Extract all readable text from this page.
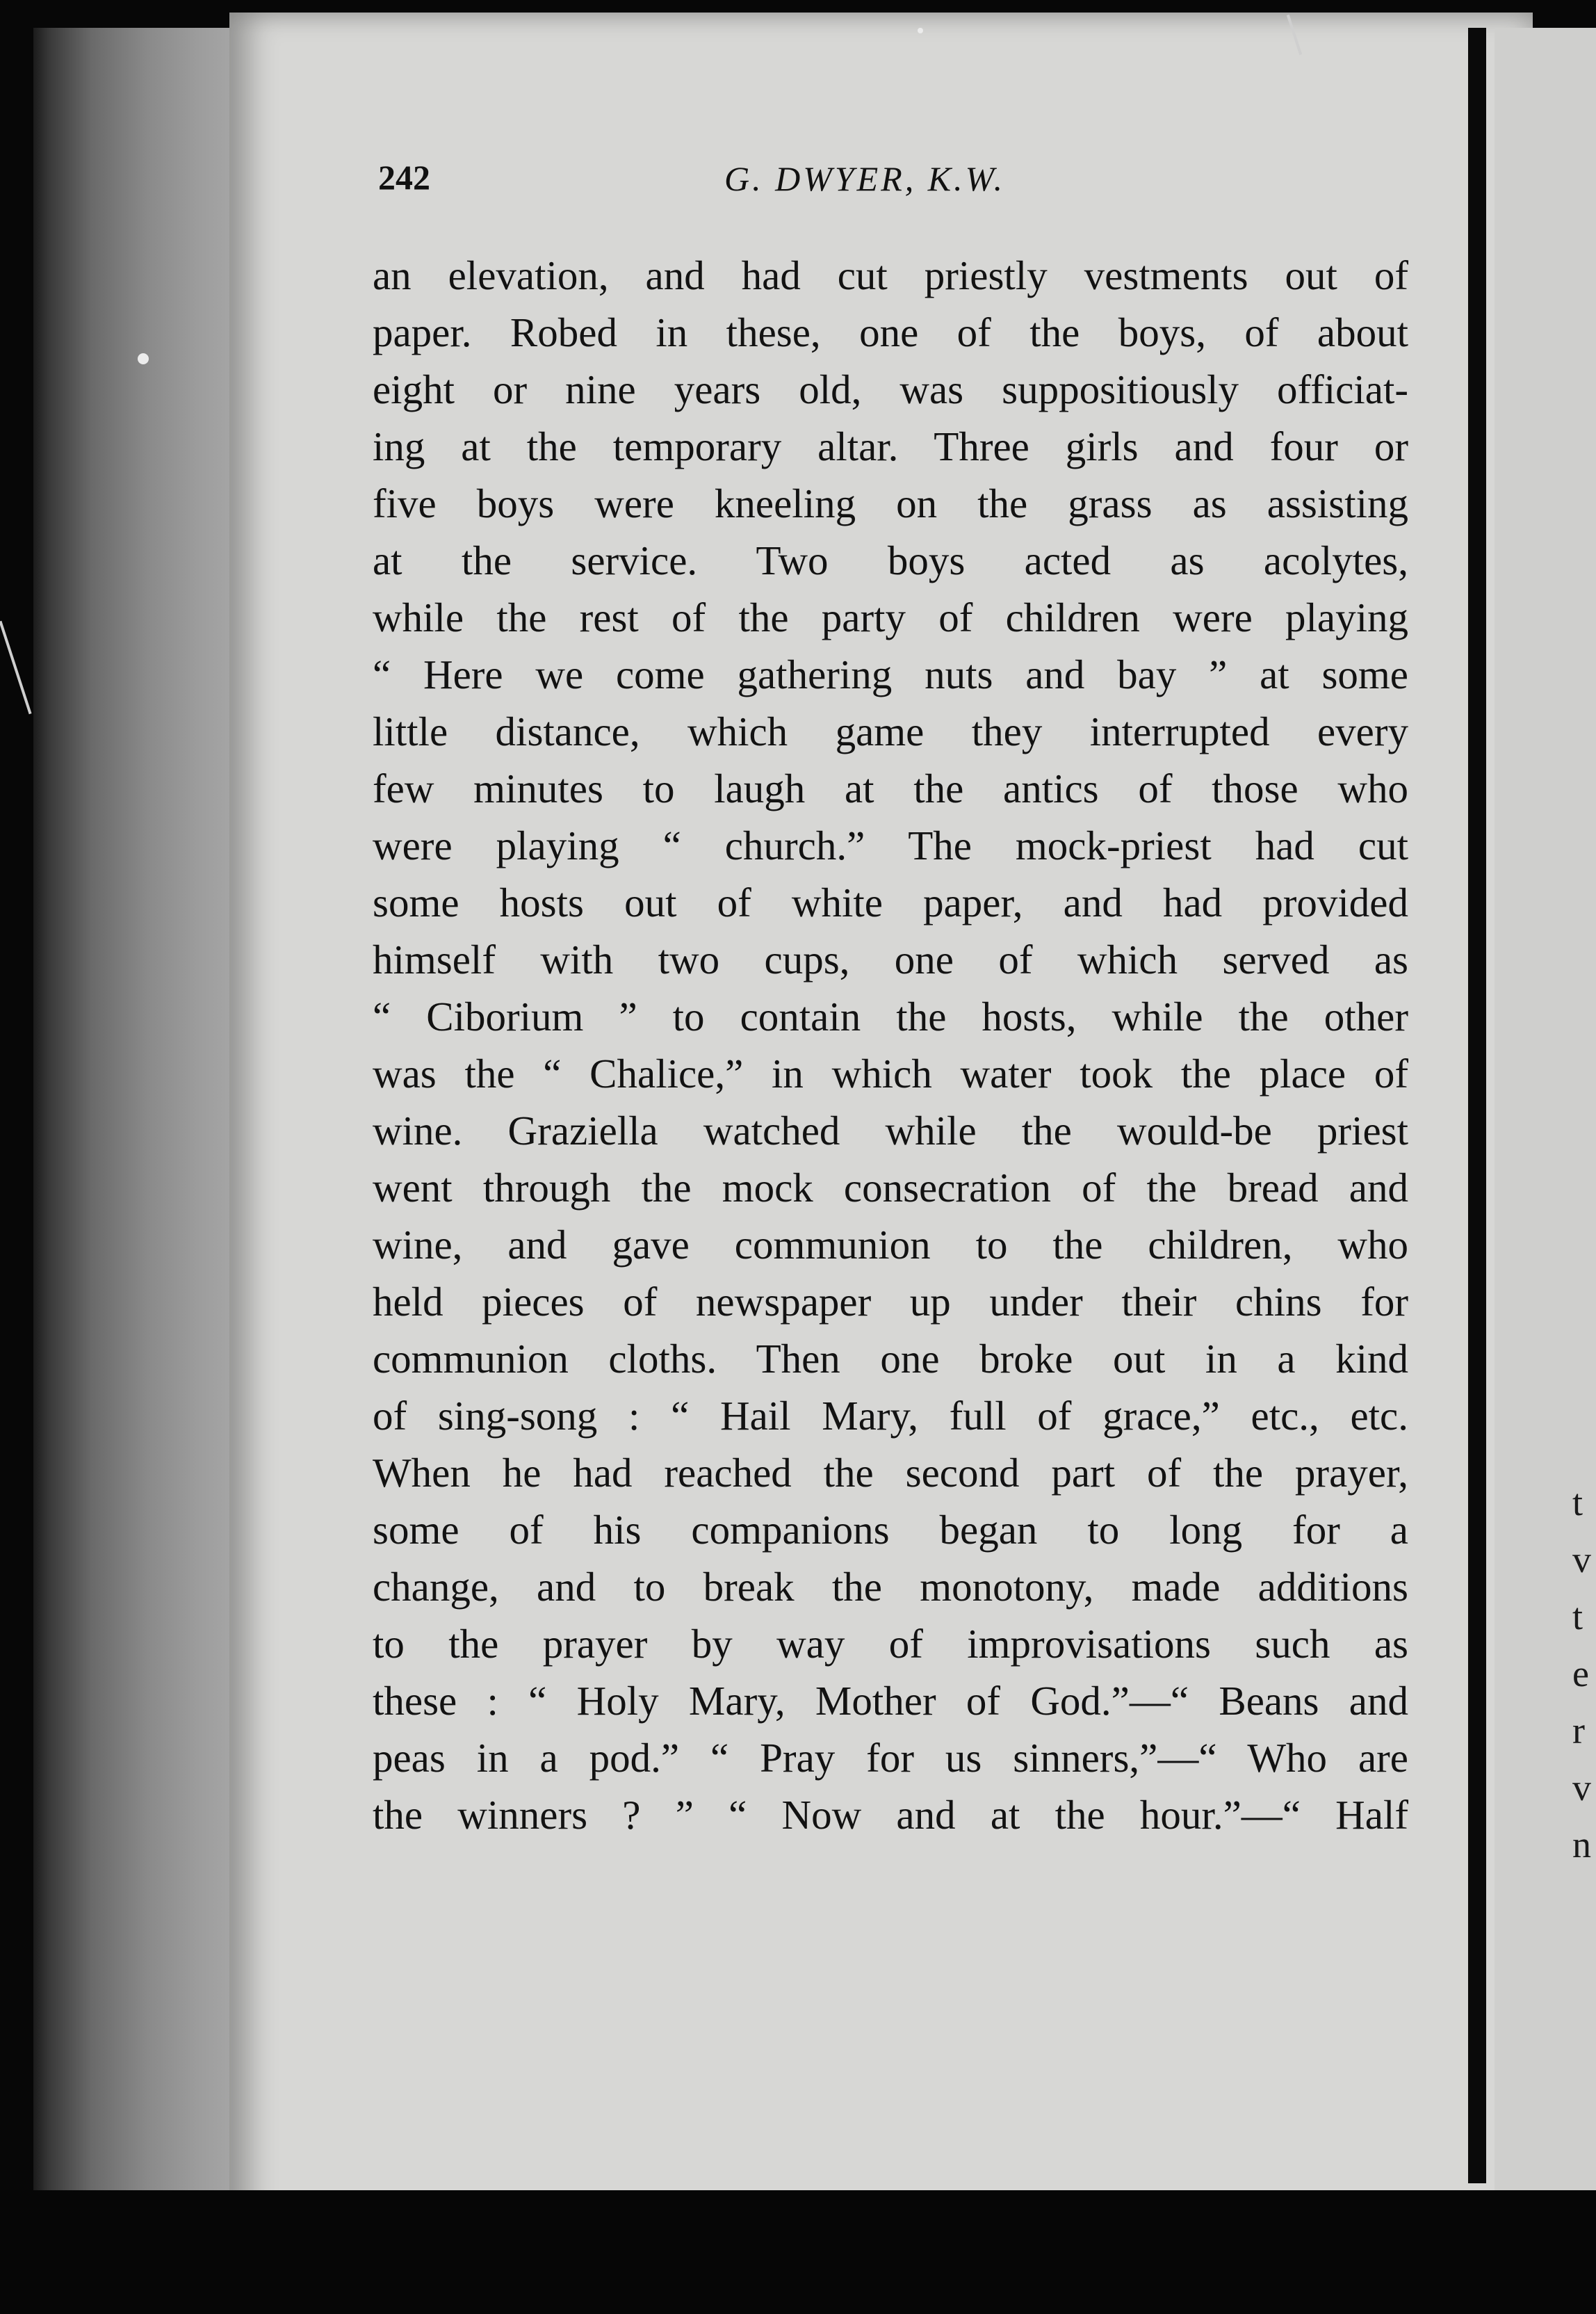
242	G. DWYER, K.W.
an elevation, and had cut priestly vestments out of
paper. Robed in these, one of the boys, of about
eight or nine years old, was suppositiously officiat-
ing at the temporary altar. Three girls and four or
five boys were kneeling on the grass as assisting
at the service. Two boys acted as acolytes,
while the rest of the party of children were playing
“ Here we come gathering nuts and bay ” at some
little distance, which game they interrupted every
few minutes to laugh at the antics of those who
were playing “ church.” The mock-priest had cut
some hosts out of white paper, and had provided
himself with two cups, one of which served as
“ Ciborium ” to contain the hosts, while the other
was the “ Chalice,” in which water took the place of
wine. Graziella watched while the would-be priest
went through the mock consecration of the bread and
wine, and gave communion to the children, who
held pieces of newspaper up under their chins for
communion cloths. Then one broke out in a kind
of sing-song : “ Hail Mary, full of grace,” etc., etc.
When he had reached the second part of the prayer,
some of his companions began to long for a
change, and to break the monotony, made additions
to the prayer by way of improvisations such as
these : “ Holy Mary, Mother of God.”—“ Beans and
peas in a pod.” “ Pray for us sinners,”—“ Who are
the winners ? ” “ Now and at the hour.”—“ Half
t
v
t
e
r
v
n
